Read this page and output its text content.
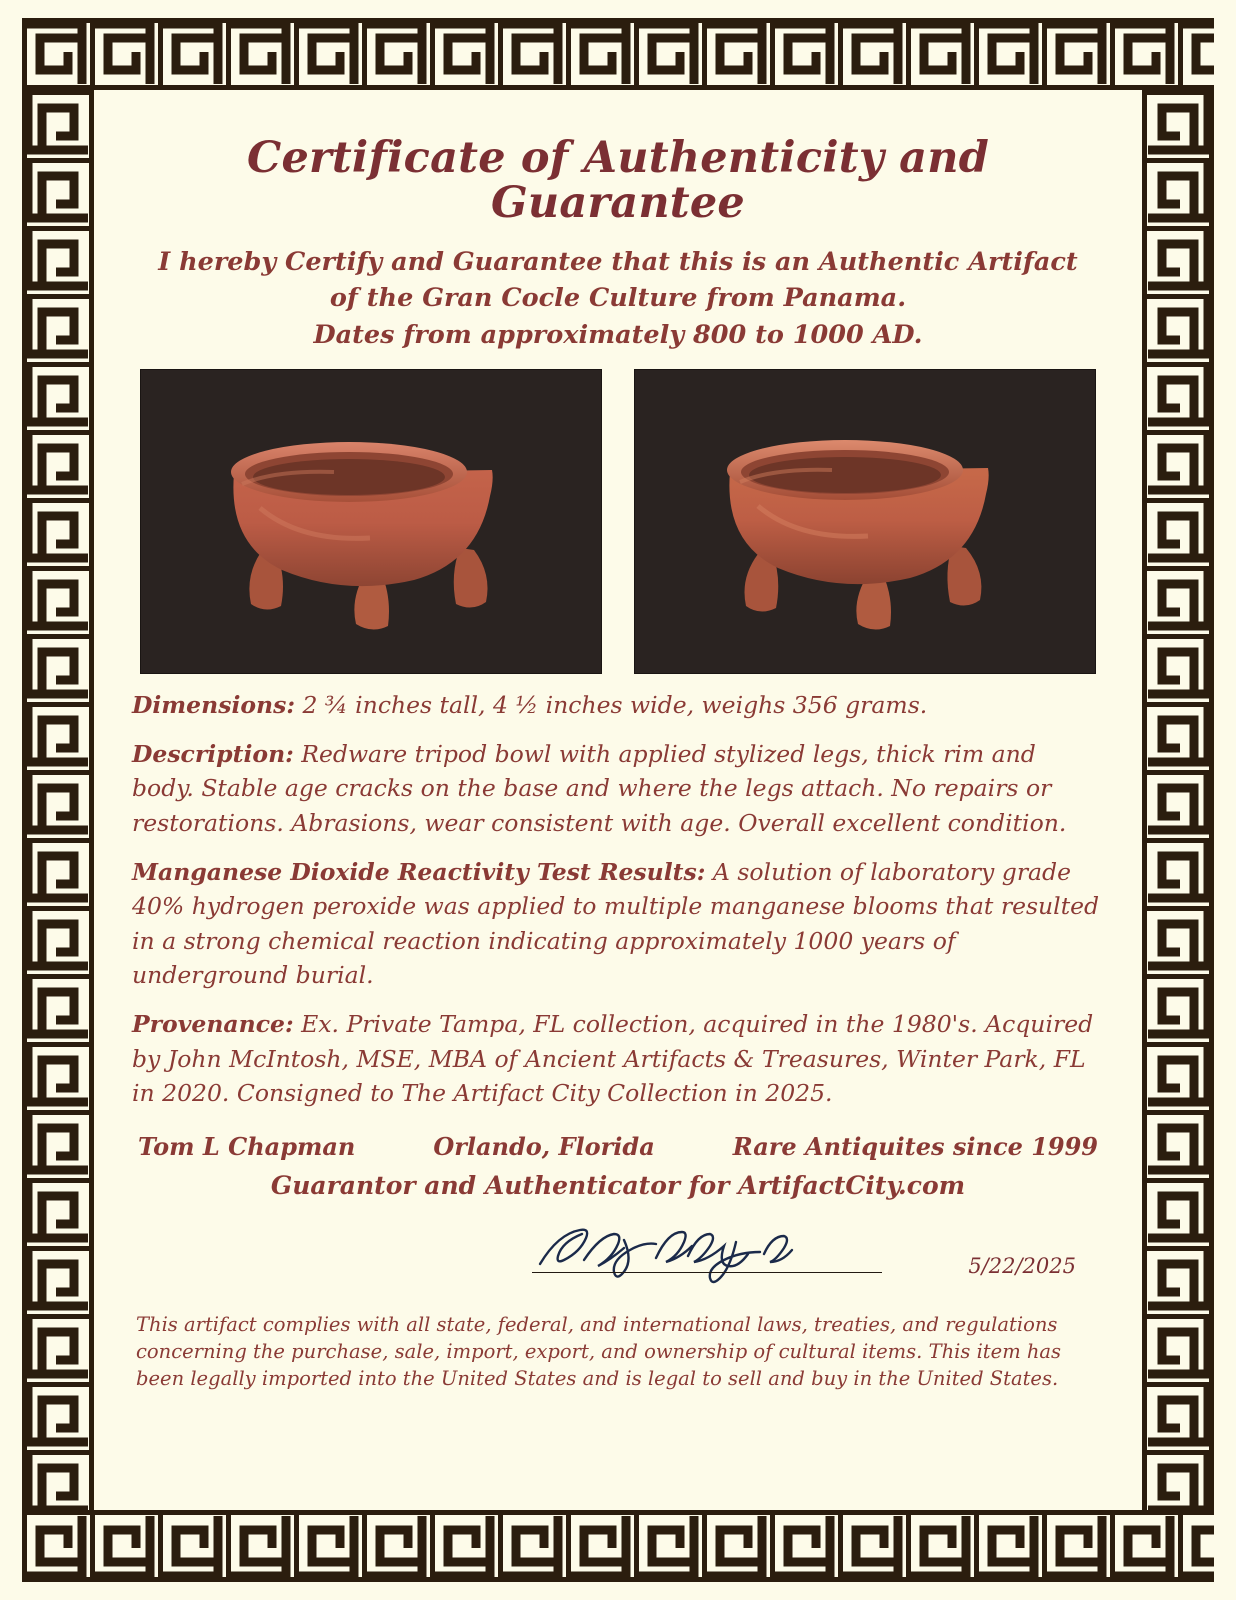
Certificate of Authenticity and Guarantee
I hereby Certify and Guarantee that this is an Authentic Artifact
of the Gran Cocle Culture from Panama.
Dates from approximately 800 to 1000 AD.

Dimensions: 2 ¾ inches tall, 4 ½ inches wide, weighs 356 grams.

Description: Redware tripod bowl with applied stylized legs, thick rim and body. Stable age cracks on the base and where the legs attach. No repairs or restorations. Abrasions, wear consistent with age. Overall excellent condition.

Manganese Dioxide Reactivity Test Results: A solution of laboratory grade 40% hydrogen peroxide was applied to multiple manganese blooms that resulted in a strong chemical reaction indicating approximately 1000 years of underground burial.

Provenance: Ex. Private Tampa, FL collection, acquired in the 1980's. Acquired by John McIntosh, MSE, MBA of Ancient Artifacts & Treasures, Winter Park, FL in 2020. Consigned to The Artifact City Collection in 2025.

Tom L Chapman	Orlando, Florida	Rare Antiquites since 1999
Guarantor and Authenticator for ArtifactCity.com
5/22/2025

This artifact complies with all state, federal, and international laws, treaties, and regulations concerning the purchase, sale, import, export, and ownership of cultural items. This item has been legally imported into the United States and is legal to sell and buy in the United States.
